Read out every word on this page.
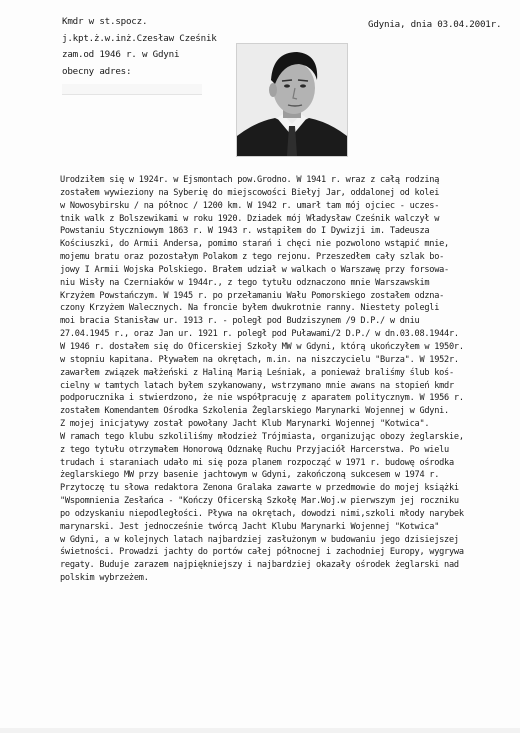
Kmdr w st.spocz.
j.kpt.ż.w.inż.Czesław Cześnik
zam.od 1946 r. w Gdyni
obecny adres:
Gdynia, dnia 03.04.2001r.
Urodziłem się w 1924r. w Ejsmontach pow.Grodno. W 1941 r. wraz z całą rodziną
zostałem wywieziony na Syberię do miejscowości Biełyj Jar, oddalonej od kolei
w Nowosybirsku / na północ / 1200 km. W 1942 r. umarł tam mój ojciec - uczes-
tnik walk z Bolszewikami w roku 1920. Dziadek mój Władysław Cześnik walczył w
Powstaniu Styczniowym 1863 r. W 1943 r. wstąpiłem do I Dywizji im. Tadeusza
Kościuszki, do Armii Andersa, pomimo starań i chęci nie pozwolono wstąpić mnie,
mojemu bratu oraz pozostałym Polakom z tego rejonu. Przeszedłem cały szlak bo-
jowy I Armii Wojska Polskiego. Brałem udział w walkach o Warszawę przy forsowa-
niu Wisły na Czerniaków w 1944r., z tego tytułu odznaczono mnie Warszawskim
Krzyżem Powstańczym. W 1945 r. po przełamaniu Wału Pomorskiego zostałem odzna-
czony Krzyżem Walecznych. Na froncie byłem dwukrotnie ranny. Niestety polegli
moi bracia Stanisław ur. 1913 r. - poległ pod Budziszynem /9 D.P./ w dniu
27.04.1945 r., oraz Jan ur. 1921 r. poległ pod Puławami/2 D.P./ w dn.03.08.1944r.
W 1946 r. dostałem się do Oficerskiej Szkoły MW w Gdyni, którą ukończyłem w 1950r.
w stopniu kapitana. Pływałem na okrętach, m.in. na niszczycielu "Burza". W 1952r.
zawarłem związek małżeński z Haliną Marią Leśniak, a ponieważ braliśmy ślub koś-
cielny w tamtych latach byłem szykanowany, wstrzymano mnie awans na stopień kmdr
podporucznika i stwierdzono, że nie współpracuję z aparatem politycznym. W 1956 r.
zostałem Komendantem Ośrodka Szkolenia Żeglarskiego Marynarki Wojennej w Gdyni.
Z mojej inicjatywy został powołany Jacht Klub Marynarki Wojennej "Kotwica".
W ramach tego klubu szkoliliśmy młodzież Trójmiasta, organizując obozy żeglarskie,
z tego tytułu otrzymałem Honorową Odznakę Ruchu Przyjaciół Harcerstwa. Po wielu
trudach i staraniach udało mi się poza planem rozpocząć w 1971 r. budowę ośrodka
żeglarskiego MW przy basenie jachtowym w Gdyni, zakończoną sukcesem w 1974 r.
Przytoczę tu słowa redaktora Zenona Gralaka zawarte w przedmowie do mojej książki
"Wspomnienia Zesłańca - "Kończy Oficerską Szkołę Mar.Woj.w pierwszym jej roczniku
po odzyskaniu niepodległości. Pływa na okrętach, dowodzi nimi,szkoli młody narybek
marynarski. Jest jednocześnie twórcą Jacht Klubu Marynarki Wojennej "Kotwica"
w Gdyni, a w kolejnych latach najbardziej zasłużonym w budowaniu jego dzisiejszej
świetności. Prowadzi jachty do portów całej północnej i zachodniej Europy, wygrywa
regaty. Buduje zarazem najpiękniejszy i najbardziej okazały ośrodek żeglarski nad
polskim wybrzeżem.
